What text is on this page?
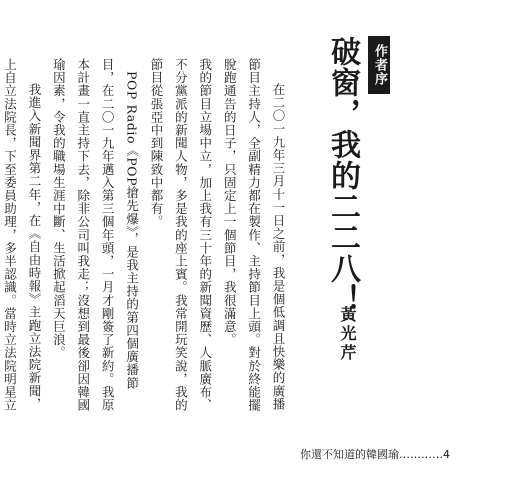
作者序
破窗，我的二二八！
黃光芹

在二〇一九年三月十一日之前，我是個低調且快樂的廣播節目主持人，全副精力都在製作、主持節目上頭。對於終能擺脫跑通告的日子，只固定上一個節目，我很滿意。

我的節目立場中立，加上我有三十年的新聞資歷、人脈廣布、不分黨派的新聞人物，多是我的座上賓。我常開玩笑說，我的節目從張亞中到陳致中都有。

POP Radio《POP搶先爆》，是我主持的第四個廣播節目，在二〇一九年邁入第三個年頭，一月才剛簽了新約。我原本計畫一直主持下去，除非公司叫我走；沒想到最後卻因韓國瑜因素，令我的職場生涯中斷、生活掀起滔天巨浪。

我進入新聞界第二年，在《自由時報》主跑立法院新聞，上自立法院長，下至委員助理，多半認識。當時立法院明星立

你還不知道的韓國瑜…………4
